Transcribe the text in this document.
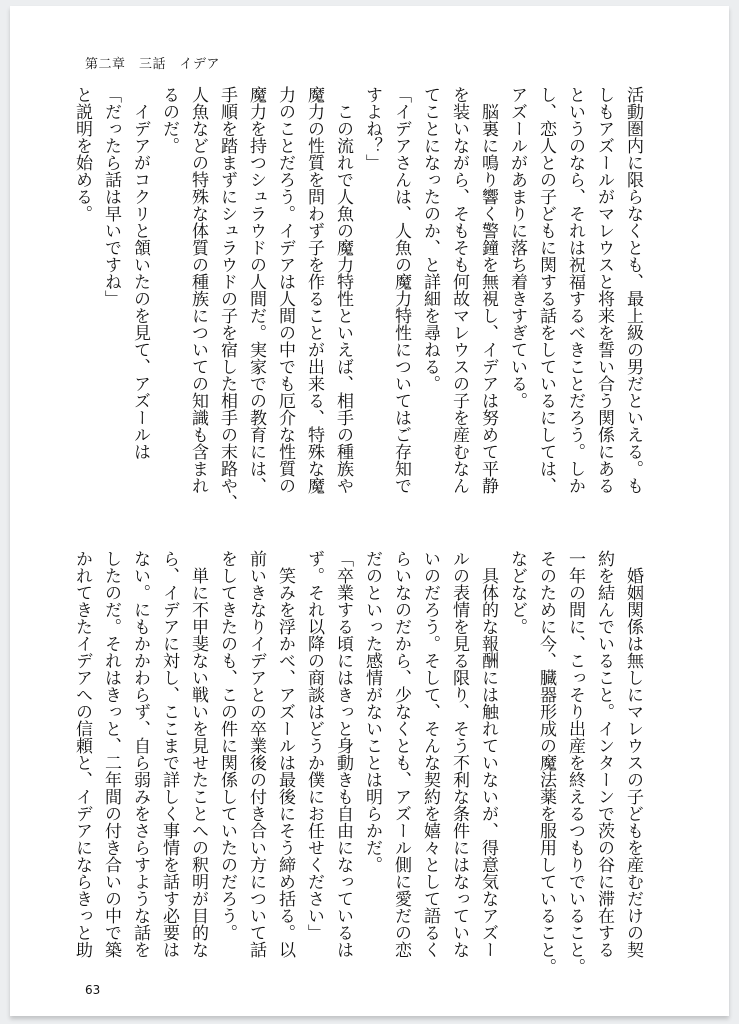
第二章　三話　イデア
活動圏内に限らなくとも、最上級の男だといえる。も
しもアズールがマレウスと将来を誓い合う関係にある
というのなら、それは祝福するべきことだろう。しか
し、恋人との子どもに関する話をしているにしては、
アズールがあまりに落ち着きすぎている。
　脳裏に鳴り響く警鐘を無視し、イデアは努めて平静
を装いながら、そもそも何故マレウスの子を産むなん
てことになったのか、と詳細を尋ねる。
「イデアさんは、人魚の魔力特性についてはご存知で
すよね？」
　この流れで人魚の魔力特性といえば、相手の種族や
魔力の性質を問わず子を作ることが出来る、特殊な魔
力のことだろう。イデアは人間の中でも厄介な性質の
魔力を持つシュラウドの人間だ。実家での教育には、
手順を踏まずにシュラウドの子を宿した相手の末路や、
人魚などの特殊な体質の種族についての知識も含まれ
るのだ。
　イデアがコクリと頷いたのを見て、アズールは
「だったら話は早いですね」
と説明を始める。
　婚姻関係は無しにマレウスの子どもを産むだけの契
約を結んでいること。インターンで茨の谷に滞在する
一年の間に、こっそり出産を終えるつもりでいること。
そのために今、臓器形成の魔法薬を服用していること。
などなど。
　具体的な報酬には触れていないが、得意気なアズー
ルの表情を見る限り、そう不利な条件にはなっていな
いのだろう。そして、そんな契約を嬉々として語るく
らいなのだから、少なくとも、アズール側に愛だの恋
だのといった感情がないことは明らかだ。
「卒業する頃にはきっと身動きも自由になっているは
ず。それ以降の商談はどうか僕にお任せください」
　笑みを浮かべ、アズールは最後にそう締め括る。以
前いきなりイデアとの卒業後の付き合い方について話
をしてきたのも、この件に関係していたのだろう。
　単に不甲斐ない戦いを見せたことへの釈明が目的な
ら、イデアに対し、ここまで詳しく事情を話す必要は
ない。にもかかわらず、自ら弱みをさらすような話を
したのだ。それはきっと、二年間の付き合いの中で築
かれてきたイデアへの信頼と、イデアにならきっと助
63
